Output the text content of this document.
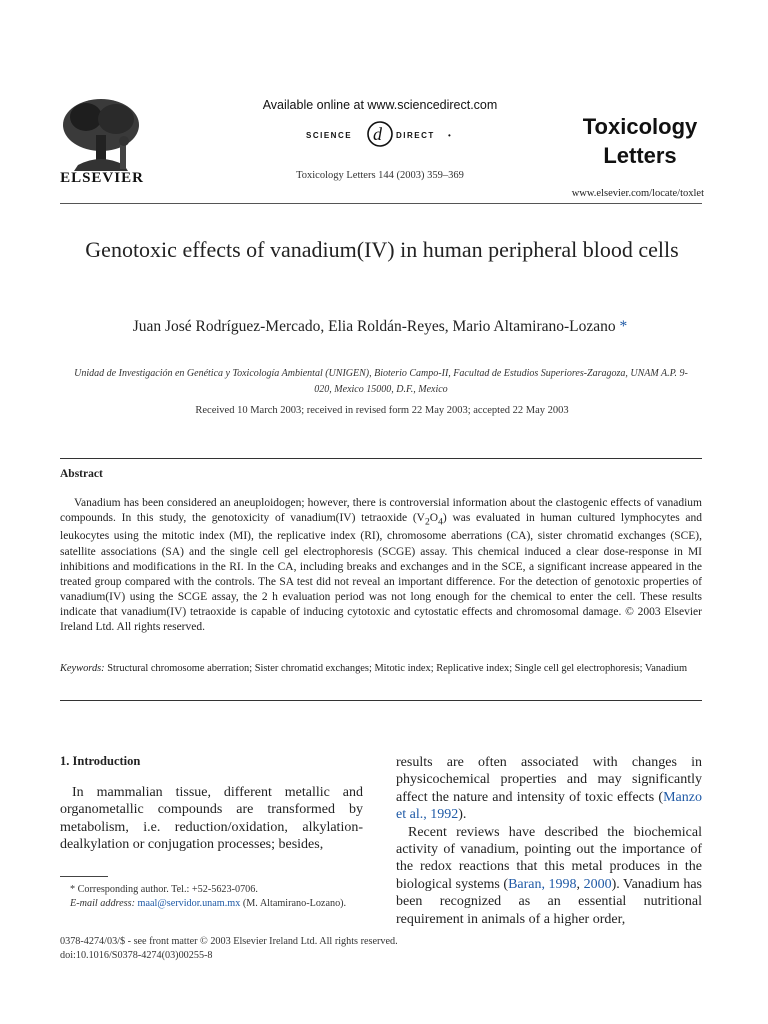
ELSEVIER
Available online at www.sciencedirect.com
SCIENCE d DIRECT •
Toxicology Letters 144 (2003) 359–369
Toxicology
Letters
www.elsevier.com/locate/toxlet
Genotoxic effects of vanadium(IV) in human peripheral blood cells
Juan José Rodríguez-Mercado, Elia Roldán-Reyes, Mario Altamirano-Lozano *
Unidad de Investigación en Genética y Toxicología Ambiental (UNIGEN), Bioterio Campo-II, Facultad de Estudios Superiores-Zaragoza, UNAM A.P. 9-020, Mexico 15000, D.F., Mexico
Received 10 March 2003; received in revised form 22 May 2003; accepted 22 May 2003
Abstract
Vanadium has been considered an aneuploidogen; however, there is controversial information about the clastogenic effects of vanadium compounds. In this study, the genotoxicity of vanadium(IV) tetraoxide $(V_2O_4)$ was evaluated in human cultured lymphocytes and leukocytes using the mitotic index (MI), the replicative index (RI), chromosome aberrations (CA), sister chromatid exchanges (SCE), satellite associations (SA) and the single cell gel electrophoresis (SCGE) assay. This chemical induced a clear dose-response in MI inhibitions and modifications in the RI. In the CA, including breaks and exchanges and in the SCE, a significant increase appeared in the treated group compared with the controls. The SA test did not reveal an important difference. For the detection of genotoxic properties of vanadium(IV) using the SCGE assay, the 2 h evaluation period was not long enough for the chemical to enter the cell. These results indicate that vanadium(IV) tetraoxide is capable of inducing cytotoxic and cytostatic effects and chromosomal damage. © 2003 Elsevier Ireland Ltd. All rights reserved.
Keywords: Structural chromosome aberration; Sister chromatid exchanges; Mitotic index; Replicative index; Single cell gel electrophoresis; Vanadium
1. Introduction
In mammalian tissue, different metallic and organometallic compounds are transformed by metabolism, i.e. reduction/oxidation, alkylation-dealkylation or conjugation processes; besides,
results are often associated with changes in physicochemical properties and may significantly affect the nature and intensity of toxic effects (Manzo et al., 1992).
Recent reviews have described the biochemical activity of vanadium, pointing out the importance of the redox reactions that this metal produces in the biological systems (Baran, 1998, 2000). Vanadium has been recognized as an essential nutritional requirement in animals of a higher order,
* Corresponding author. Tel.: +52-5623-0706.
E-mail address: maal@servidor.unam.mx (M. Altamirano-Lozano).
0378-4274/03/$ - see front matter © 2003 Elsevier Ireland Ltd. All rights reserved.
doi:10.1016/S0378-4274(03)00255-8
